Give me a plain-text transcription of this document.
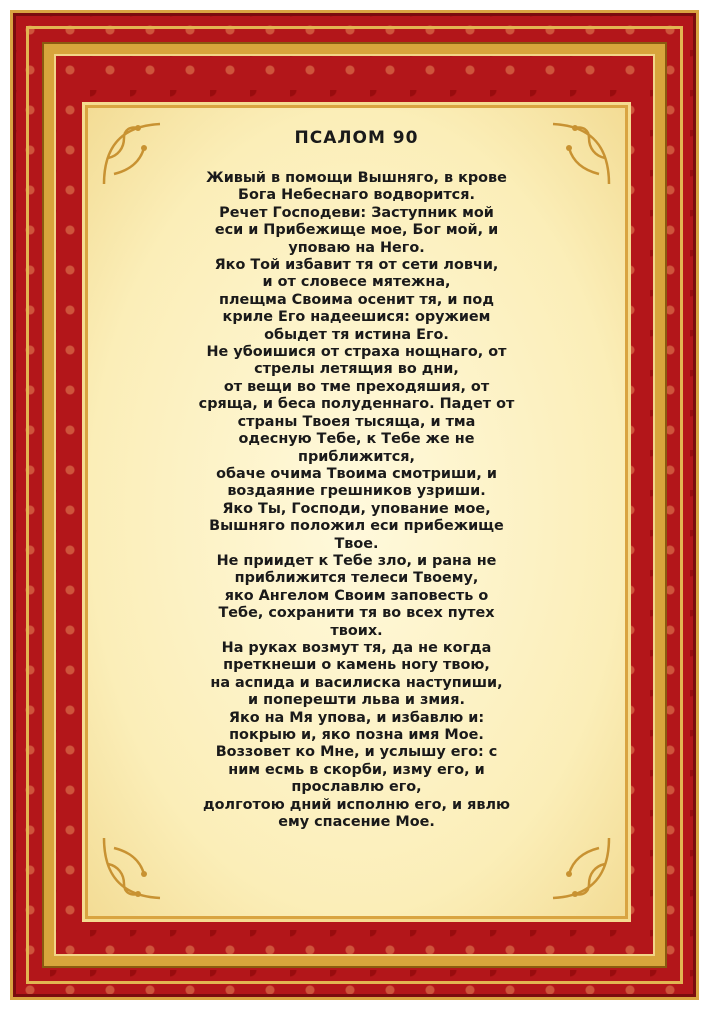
ПСАЛОМ 90
Живый в помощи Вышняго, в крове
Бога Небеснаго водворится.
Речет Господеви: Заступник мой
еси и Прибежище мое, Бог мой, и
уповаю на Него.
Яко Той избавит тя от сети ловчи,
и от словесе мятежна,
плещма Своима осенит тя, и под
криле Его надеешися: оружием
обыдет тя истина Его.
Не убоишися от страха нощнаго, от
стрелы летящия во дни,
от вещи во тме преходяшия, от
сряща, и беса полуденнаго. Падет от
страны Твоея тысяща, и тма
одесную Тебе, к Тебе же не
приближится,
обаче очима Твоима смотриши, и
воздаяние грешников узриши.
Яко Ты, Господи, упование мое,
Вышняго положил еси прибежище
Твое.
Не приидет к Тебе зло, и рана не
приближится телеси Твоему,
яко Ангелом Своим заповесть о
Тебе, сохранити тя во всех путех
твоих.
На руках возмут тя, да не когда
преткнеши о камень ногу твою,
на аспида и василиска наступиши,
и поперешти льва и змия.
Яко на Мя упова, и избавлю и:
покрыю и, яко позна имя Мое.
Воззовет ко Мне, и услышу его: с
ним есмь в скорби, изму его, и
прославлю его,
долготою дний исполню его, и явлю
ему спасение Мое.
